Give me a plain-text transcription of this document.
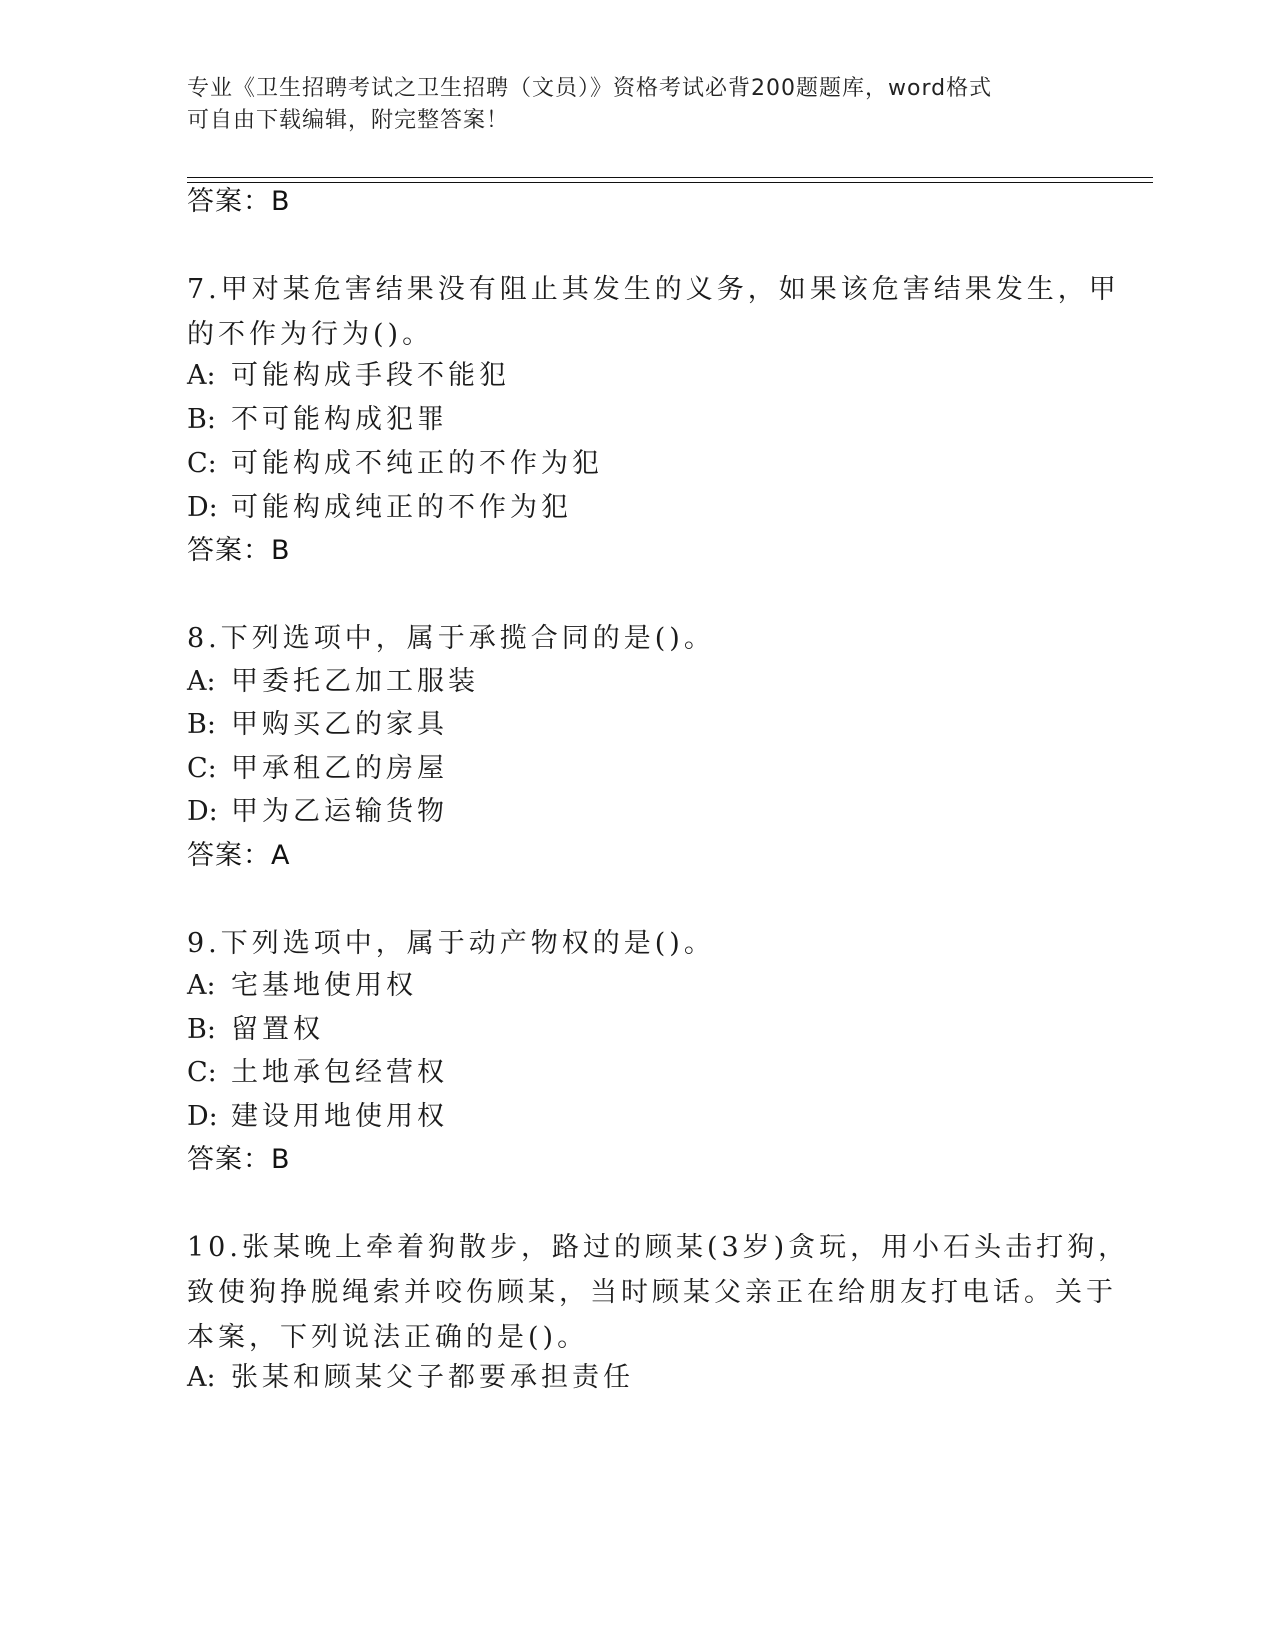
专业《卫生招聘考试之卫生招聘（文员）》资格考试必背200题题库，word格式
可自由下载编辑，附完整答案！
答案：B
7.甲对某危害结果没有阻止其发生的义务，如果该危害结果发生，甲
的不作为行为()。
A: 可能构成手段不能犯
B: 不可能构成犯罪
C: 可能构成不纯正的不作为犯
D: 可能构成纯正的不作为犯
答案：B
8.下列选项中，属于承揽合同的是()。
A: 甲委托乙加工服装
B: 甲购买乙的家具
C: 甲承租乙的房屋
D: 甲为乙运输货物
答案：A
9.下列选项中，属于动产物权的是()。
A: 宅基地使用权
B: 留置权
C: 土地承包经营权
D: 建设用地使用权
答案：B
10.张某晚上牵着狗散步，路过的顾某(3岁)贪玩，用小石头击打狗，
致使狗挣脱绳索并咬伤顾某，当时顾某父亲正在给朋友打电话。关于
本案，下列说法正确的是()。
A: 张某和顾某父子都要承担责任
